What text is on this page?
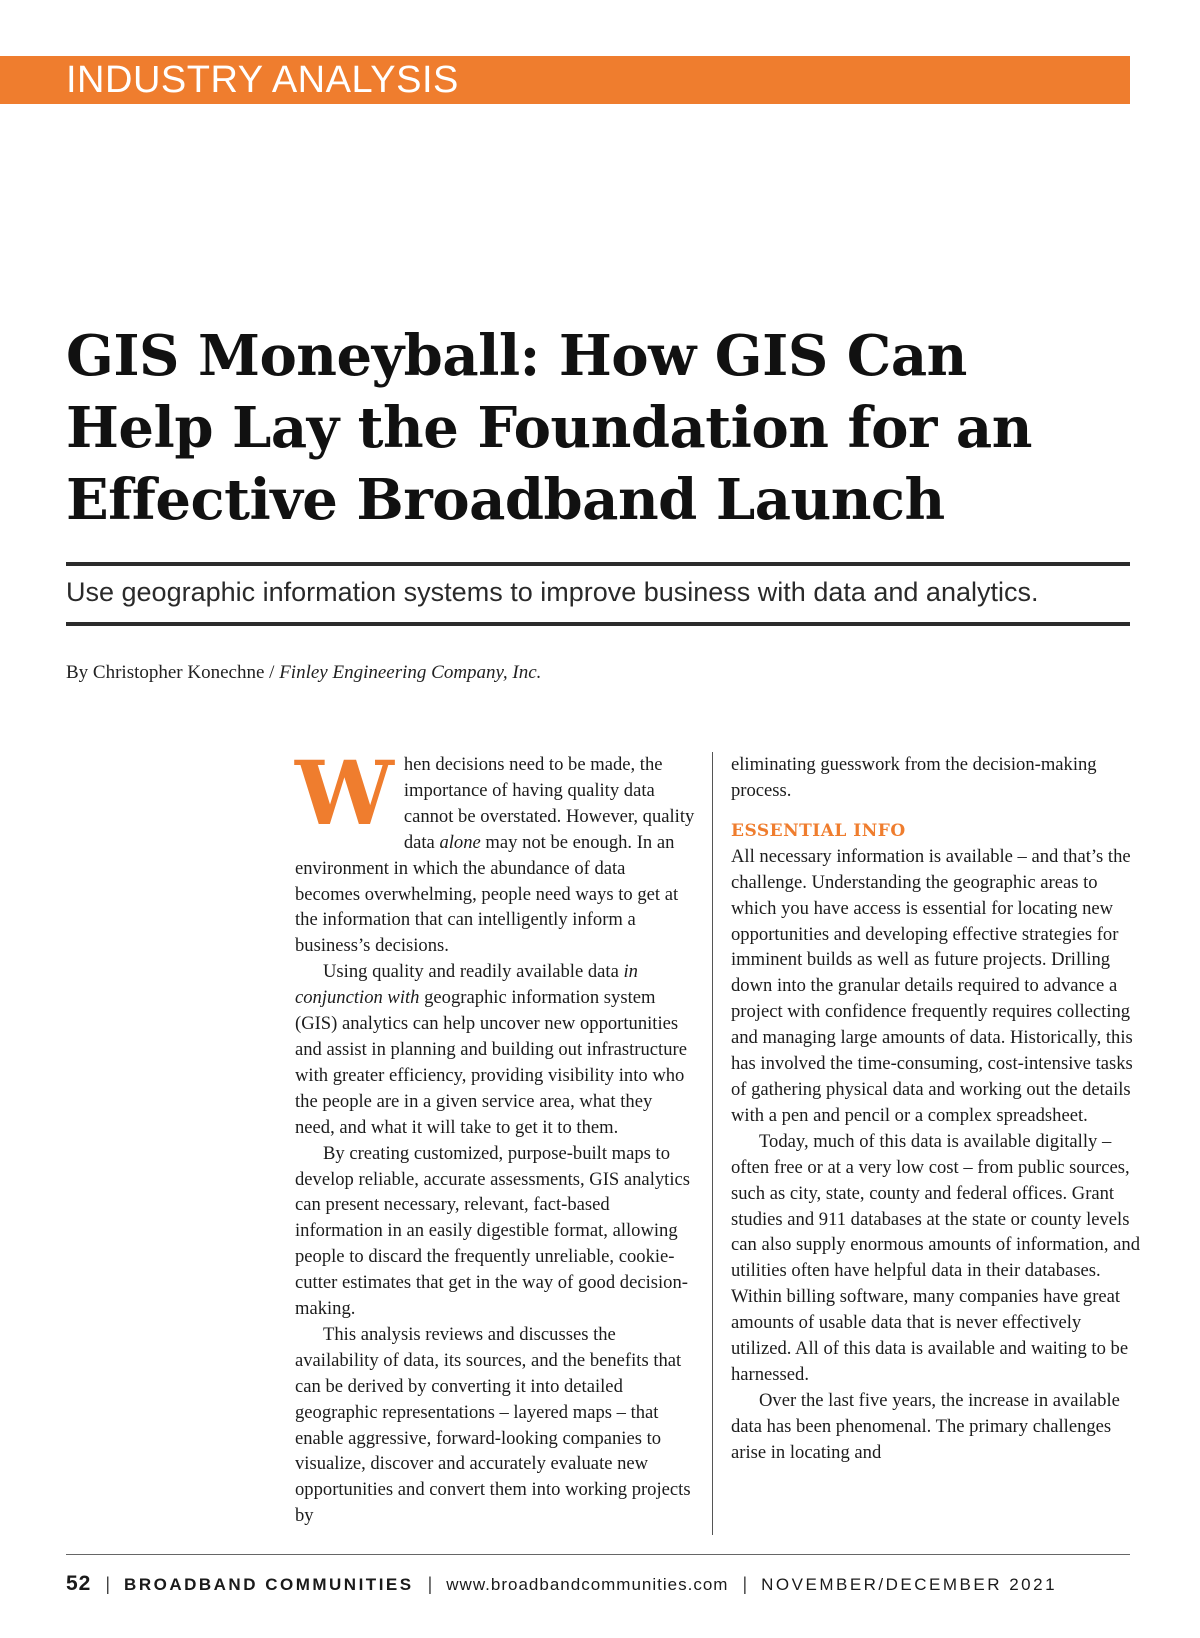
INDUSTRY ANALYSIS
GIS Moneyball: How GIS Can Help Lay the Foundation for an Effective Broadband Launch
Use geographic information systems to improve business with data and analytics.
By Christopher Konechne / Finley Engineering Company, Inc.

When decisions need to be made, the importance of having quality data cannot be overstated. However, quality data alone may not be enough. In an environment in which the abundance of data becomes overwhelming, people need ways to get at the information that can intelligently inform a business’s decisions.

Using quality and readily available data in conjunction with geographic information system (GIS) analytics can help uncover new opportunities and assist in planning and building out infrastructure with greater efficiency, providing visibility into who the people are in a given service area, what they need, and what it will take to get it to them.

By creating customized, purpose-built maps to develop reliable, accurate assessments, GIS analytics can present necessary, relevant, fact-based information in an easily digestible format, allowing people to discard the frequently unreliable, cookie-cutter estimates that get in the way of good decision-making.

This analysis reviews and discusses the availability of data, its sources, and the benefits that can be derived by converting it into detailed geographic representations – layered maps – that enable aggressive, forward-looking companies to visualize, discover and accurately evaluate new opportunities and convert them into working projects by

eliminating guesswork from the decision-making process.

ESSENTIAL INFO

All necessary information is available – and that’s the challenge. Understanding the geographic areas to which you have access is essential for locating new opportunities and developing effective strategies for imminent builds as well as future projects. Drilling down into the granular details required to advance a project with confidence frequently requires collecting and managing large amounts of data. Historically, this has involved the time-consuming, cost-intensive tasks of gathering physical data and working out the details with a pen and pencil or a complex spreadsheet.

Today, much of this data is available digitally – often free or at a very low cost – from public sources, such as city, state, county and federal offices. Grant studies and 911 databases at the state or county levels can also supply enormous amounts of information, and utilities often have helpful data in their databases. Within billing software, many companies have great amounts of usable data that is never effectively utilized. All of this data is available and waiting to be harnessed.

Over the last five years, the increase in available data has been phenomenal. The primary challenges arise in locating and

52 | BROADBAND COMMUNITIES | www.broadbandcommunities.com | NOVEMBER/DECEMBER 2021
